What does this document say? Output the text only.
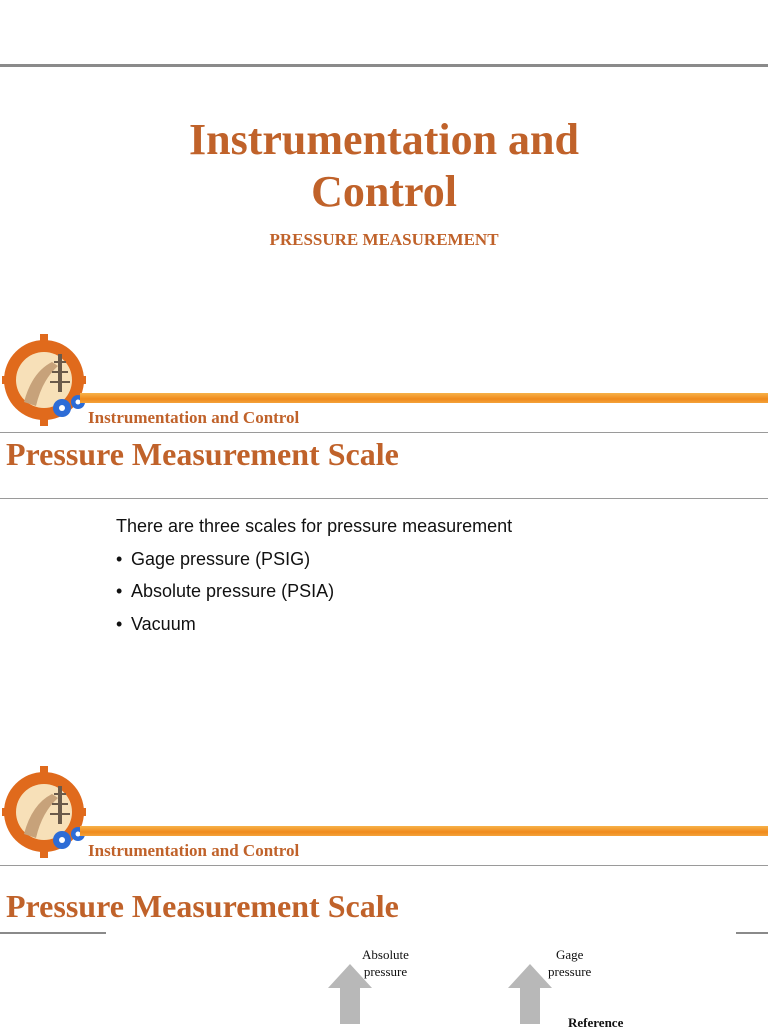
Instrumentation and
Control
PRESSURE MEASUREMENT
Instrumentation and Control
Pressure Measurement Scale
There are three scales for pressure measurement
• Gage pressure (PSIG)
• Absolute pressure (PSIA)
• Vacuum
Instrumentation and Control
Pressure Measurement Scale
Absolute
pressure
Gage
pressure
Reference
